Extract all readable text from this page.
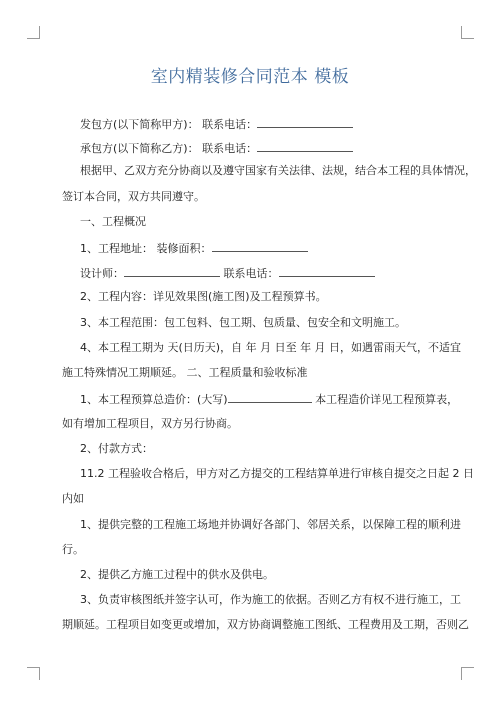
室内精装修合同范本 模板
发包方(以下简称甲方)： 联系电话：
承包方(以下简称乙方)： 联系电话：
根据甲、乙双方充分协商以及遵守国家有关法律、法规，结合本工程的具体情况，
签订本合同，双方共同遵守。
一、工程概况
1、工程地址： 装修面积：
设计师：	联系电话：
2、工程内容：详见效果图(施工图)及工程预算书。
3、本工程范围：包工包料、包工期、包质量、包安全和文明施工。
4、本工程工期为 天(日历天)，自 年 月 日至 年 月 日，如遇雷雨天气，不适宜
施工特殊情况工期顺延。 二、工程质量和验收标准
1、本工程预算总造价：(大写)	本工程造价详见工程预算表，
如有增加工程项目，双方另行协商。
2、付款方式：
11.2 工程验收合格后，甲方对乙方提交的工程结算单进行审核自提交之日起 2 日
内如
1、提供完整的工程施工场地并协调好各部门、邻居关系，以保障工程的顺利进
行。
2、提供乙方施工过程中的供水及供电。
3、负责审核图纸并签字认可，作为施工的依据。否则乙方有权不进行施工，工
期顺延。工程项目如变更或增加，双方协商调整施工图纸、工程费用及工期，否则乙
